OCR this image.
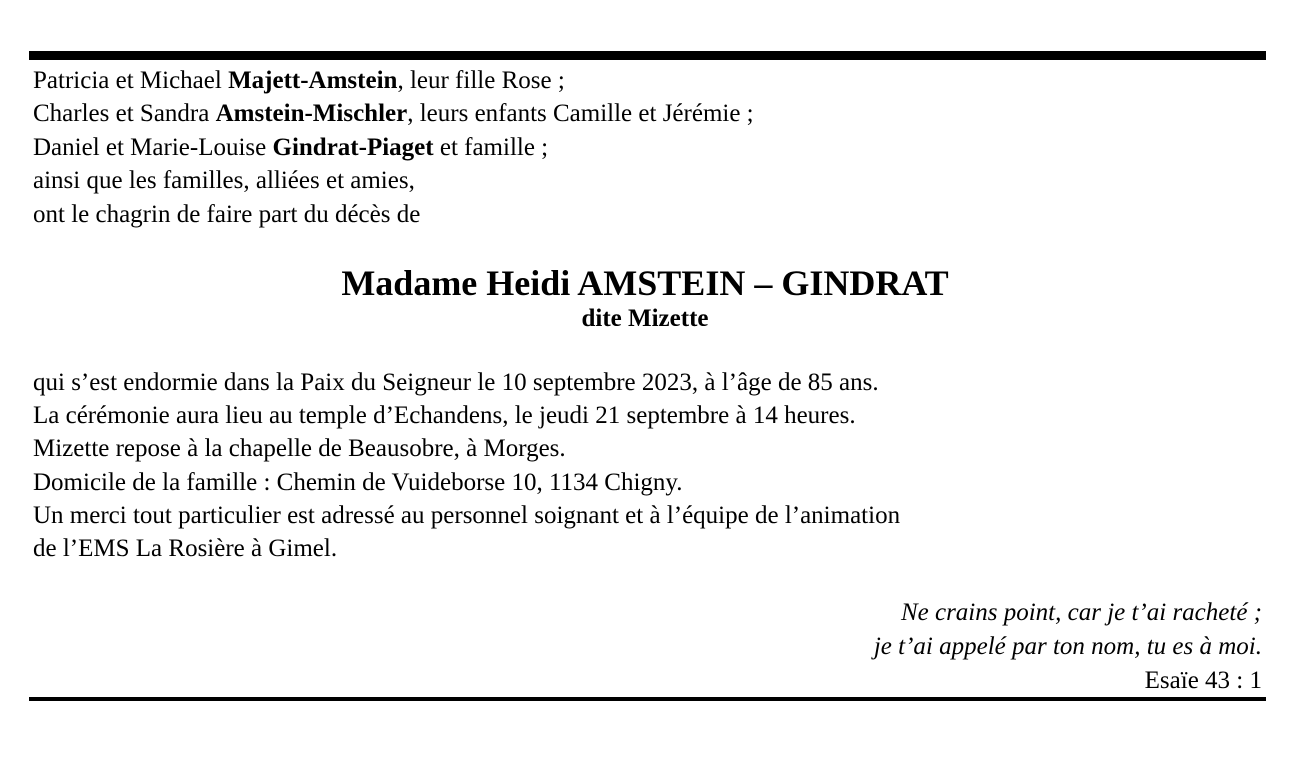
Patricia et Michael Majett-Amstein, leur fille Rose ;

Charles et Sandra Amstein-Mischler, leurs enfants Camille et Jérémie ;

Daniel et Marie-Louise Gindrat-Piaget et famille ;

ainsi que les familles, alliées et amies,

ont le chagrin de faire part du décès de

Madame Heidi AMSTEIN – GINDRAT

dite Mizette

qui s’est endormie dans la Paix du Seigneur le 10 septembre 2023, à l’âge de 85 ans.

La cérémonie aura lieu au temple d’Echandens, le jeudi 21 septembre à 14 heures.

Mizette repose à la chapelle de Beausobre, à Morges.

Domicile de la famille : Chemin de Vuideborse 10, 1134 Chigny.

Un merci tout particulier est adressé au personnel soignant et à l’équipe de l’animation

de l’EMS La Rosière à Gimel.

Ne crains point, car je t’ai racheté ;

je t’ai appelé par ton nom, tu es à moi.

Esaïe 43 : 1
